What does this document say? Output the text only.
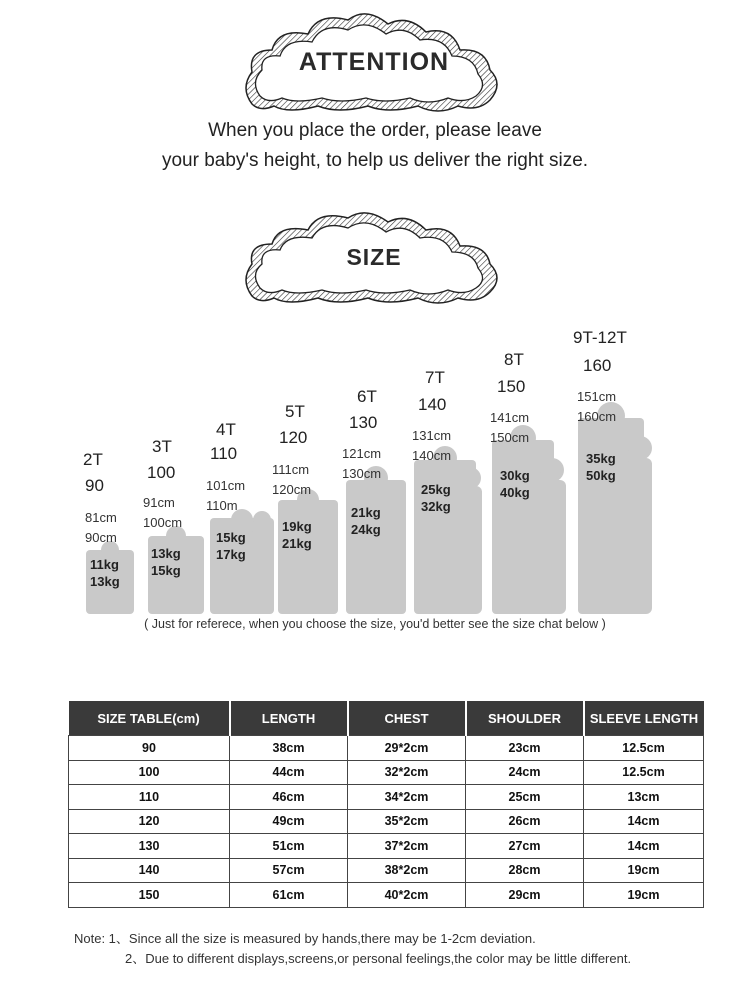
ATTENTION
When you place the order, please leave
your baby's height, to help us deliver the right size.
SIZE
2T
90
81cm
90cm
11kg
13kg
3T
100
91cm
100cm
13kg
15kg
4T
110
101cm
110m
15kg
17kg
5T
120
111cm
120cm
19kg
21kg
6T
130
121cm
130cm
21kg
24kg
7T
140
131cm
140cm
25kg
32kg
8T
150
141cm
150cm
30kg
40kg
9T-12T
160
151cm
160cm
35kg
50kg
( Just for referece, when you choose the size, you'd better see the size chat below )
SIZE TABLE(cm)	LENGTH	CHEST	SHOULDER	SLEEVE LENGTH
90	38cm	29*2cm	23cm	12.5cm
100	44cm	32*2cm	24cm	12.5cm
110	46cm	34*2cm	25cm	13cm
120	49cm	35*2cm	26cm	14cm
130	51cm	37*2cm	27cm	14cm
140	57cm	38*2cm	28cm	19cm
150	61cm	40*2cm	29cm	19cm
Note: 1、Since all the size is measured by hands,there may be 1-2cm deviation.
2、Due to different displays,screens,or personal feelings,the color may be little different.
